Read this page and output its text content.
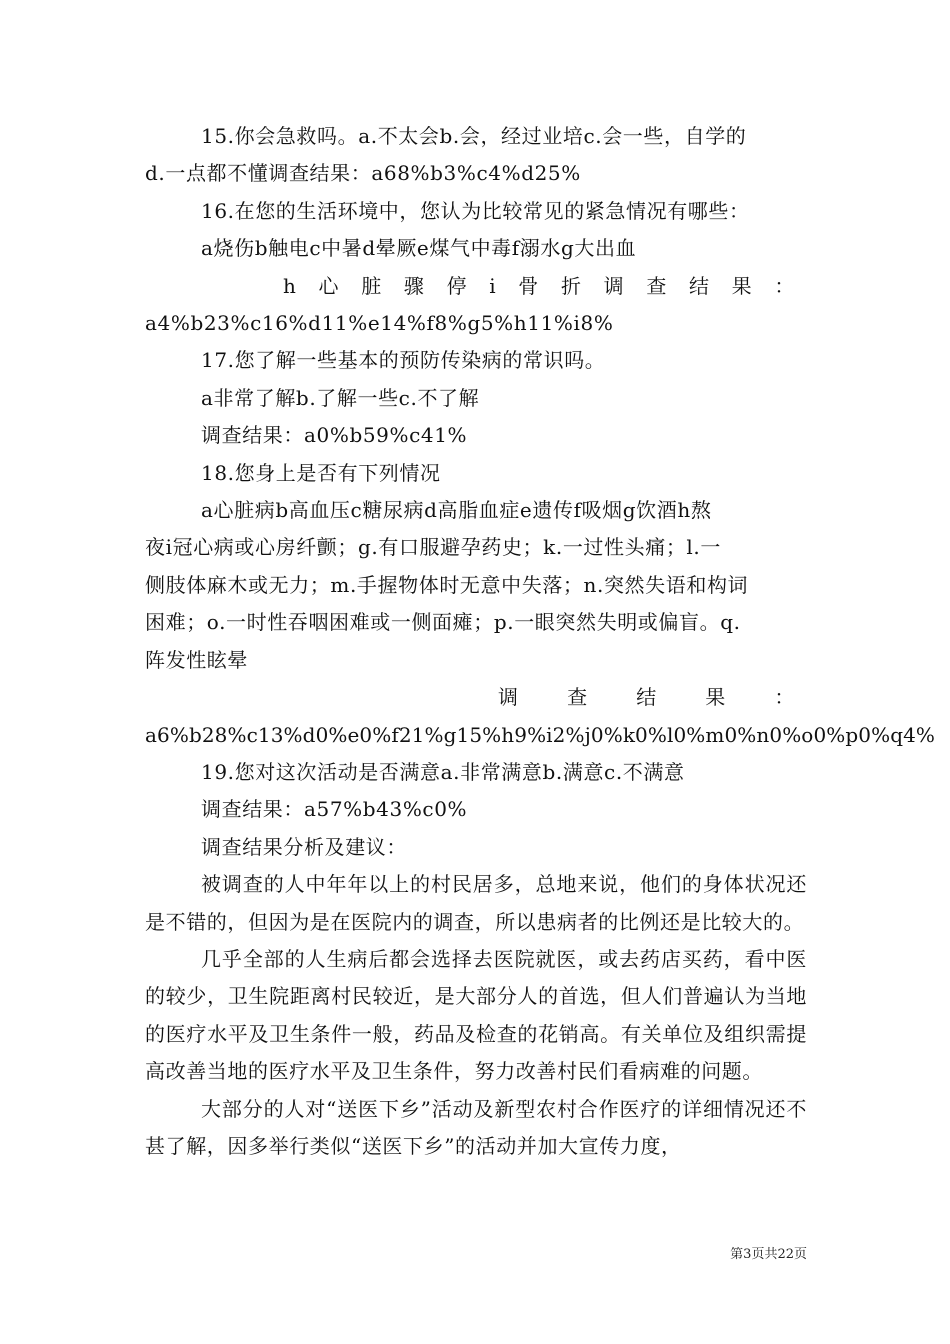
15.你会急救吗。a.不太会b.会，经过业培c.会一些，自学的

d.一点都不懂调查结果：a68%b3%c4%d25%

16.在您的生活环境中，您认为比较常见的紧急情况有哪些：

a烧伤b触电c中暑d晕厥e煤气中毒f溺水g大出血

h 心 脏 骤 停 i 骨 折 调 查 结 果 ：

a4%b23%c16%d11%e14%f8%g5%h11%i8%

17.您了解一些基本的预防传染病的常识吗。

a非常了解b.了解一些c.不了解

调查结果：a0%b59%c41%

18.您身上是否有下列情况

a心脏病b高血压c糖尿病d高脂血症e遗传f吸烟g饮酒h熬

夜i冠心病或心房纤颤；g.有口服避孕药史；k.一过性头痛；l.一

侧肢体麻木或无力；m.手握物体时无意中失落；n.突然失语和构词

困难；o.一时性吞咽困难或一侧面瘫；p.一眼突然失明或偏盲。q.

阵发性眩晕

调 查 结 果 ：

a6%b28%c13%d0%e0%f21%g15%h9%i2%j0%k0%l0%m0%n0%o0%p0%q4%

19.您对这次活动是否满意a.非常满意b.满意c.不满意

调查结果：a57%b43%c0%

调查结果分析及建议：

被调查的人中年年以上的村民居多，总地来说，他们的身体状况还是不错的，但因为是在医院内的调查，所以患病者的比例还是比较大的。

几乎全部的人生病后都会选择去医院就医，或去药店买药，看中医的较少，卫生院距离村民较近，是大部分人的首选，但人们普遍认为当地的医疗水平及卫生条件一般，药品及检查的花销高。有关单位及组织需提高改善当地的医疗水平及卫生条件，努力改善村民们看病难的问题。

大部分的人对“送医下乡”活动及新型农村合作医疗的详细情况还不甚了解，因多举行类似“送医下乡”的活动并加大宣传力度，

第3页共22页
